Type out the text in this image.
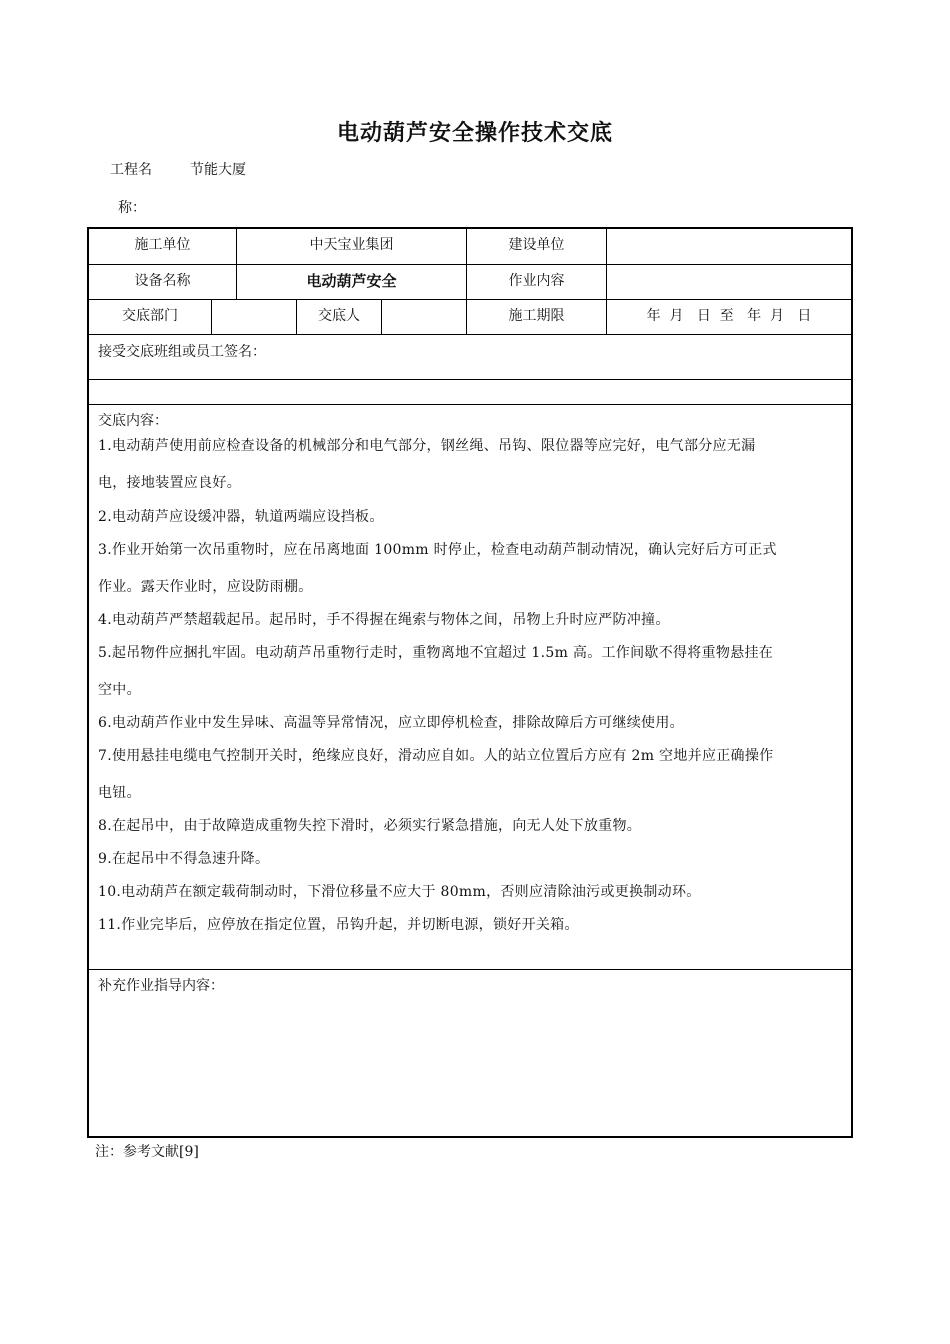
电动葫芦安全操作技术交底
工程名	节能大厦
称：
施工单位	中天宝业集团	建设单位
设备名称	电动葫芦安全	作业内容
交底部门	交底人	施工期限	年  月   日  至   年  月   日
接受交底班组或员工签名：
交底内容：
1.电动葫芦使用前应检查设备的机械部分和电气部分，钢丝绳、吊钩、限位器等应完好，电气部分应无漏
电，接地装置应良好。
2.电动葫芦应设缓冲器，轨道两端应设挡板。
3.作业开始第一次吊重物时，应在吊离地面 100mm 时停止，检查电动葫芦制动情况，确认完好后方可正式
作业。露天作业时，应设防雨棚。
4.电动葫芦严禁超载起吊。起吊时，手不得握在绳索与物体之间，吊物上升时应严防冲撞。
5.起吊物件应捆扎牢固。电动葫芦吊重物行走时，重物离地不宜超过 1.5m 高。工作间歇不得将重物悬挂在
空中。
6.电动葫芦作业中发生异味、高温等异常情况，应立即停机检查，排除故障后方可继续使用。
7.使用悬挂电缆电气控制开关时，绝缘应良好，滑动应自如。人的站立位置后方应有 2m 空地并应正确操作
电钮。
8.在起吊中，由于故障造成重物失控下滑时，必须实行紧急措施，向无人处下放重物。
9.在起吊中不得急速升降。
10.电动葫芦在额定载荷制动时，下滑位移量不应大于 80mm，否则应清除油污或更换制动环。
11.作业完毕后，应停放在指定位置，吊钩升起，并切断电源，锁好开关箱。
补充作业指导内容：
注：参考文献[9]
